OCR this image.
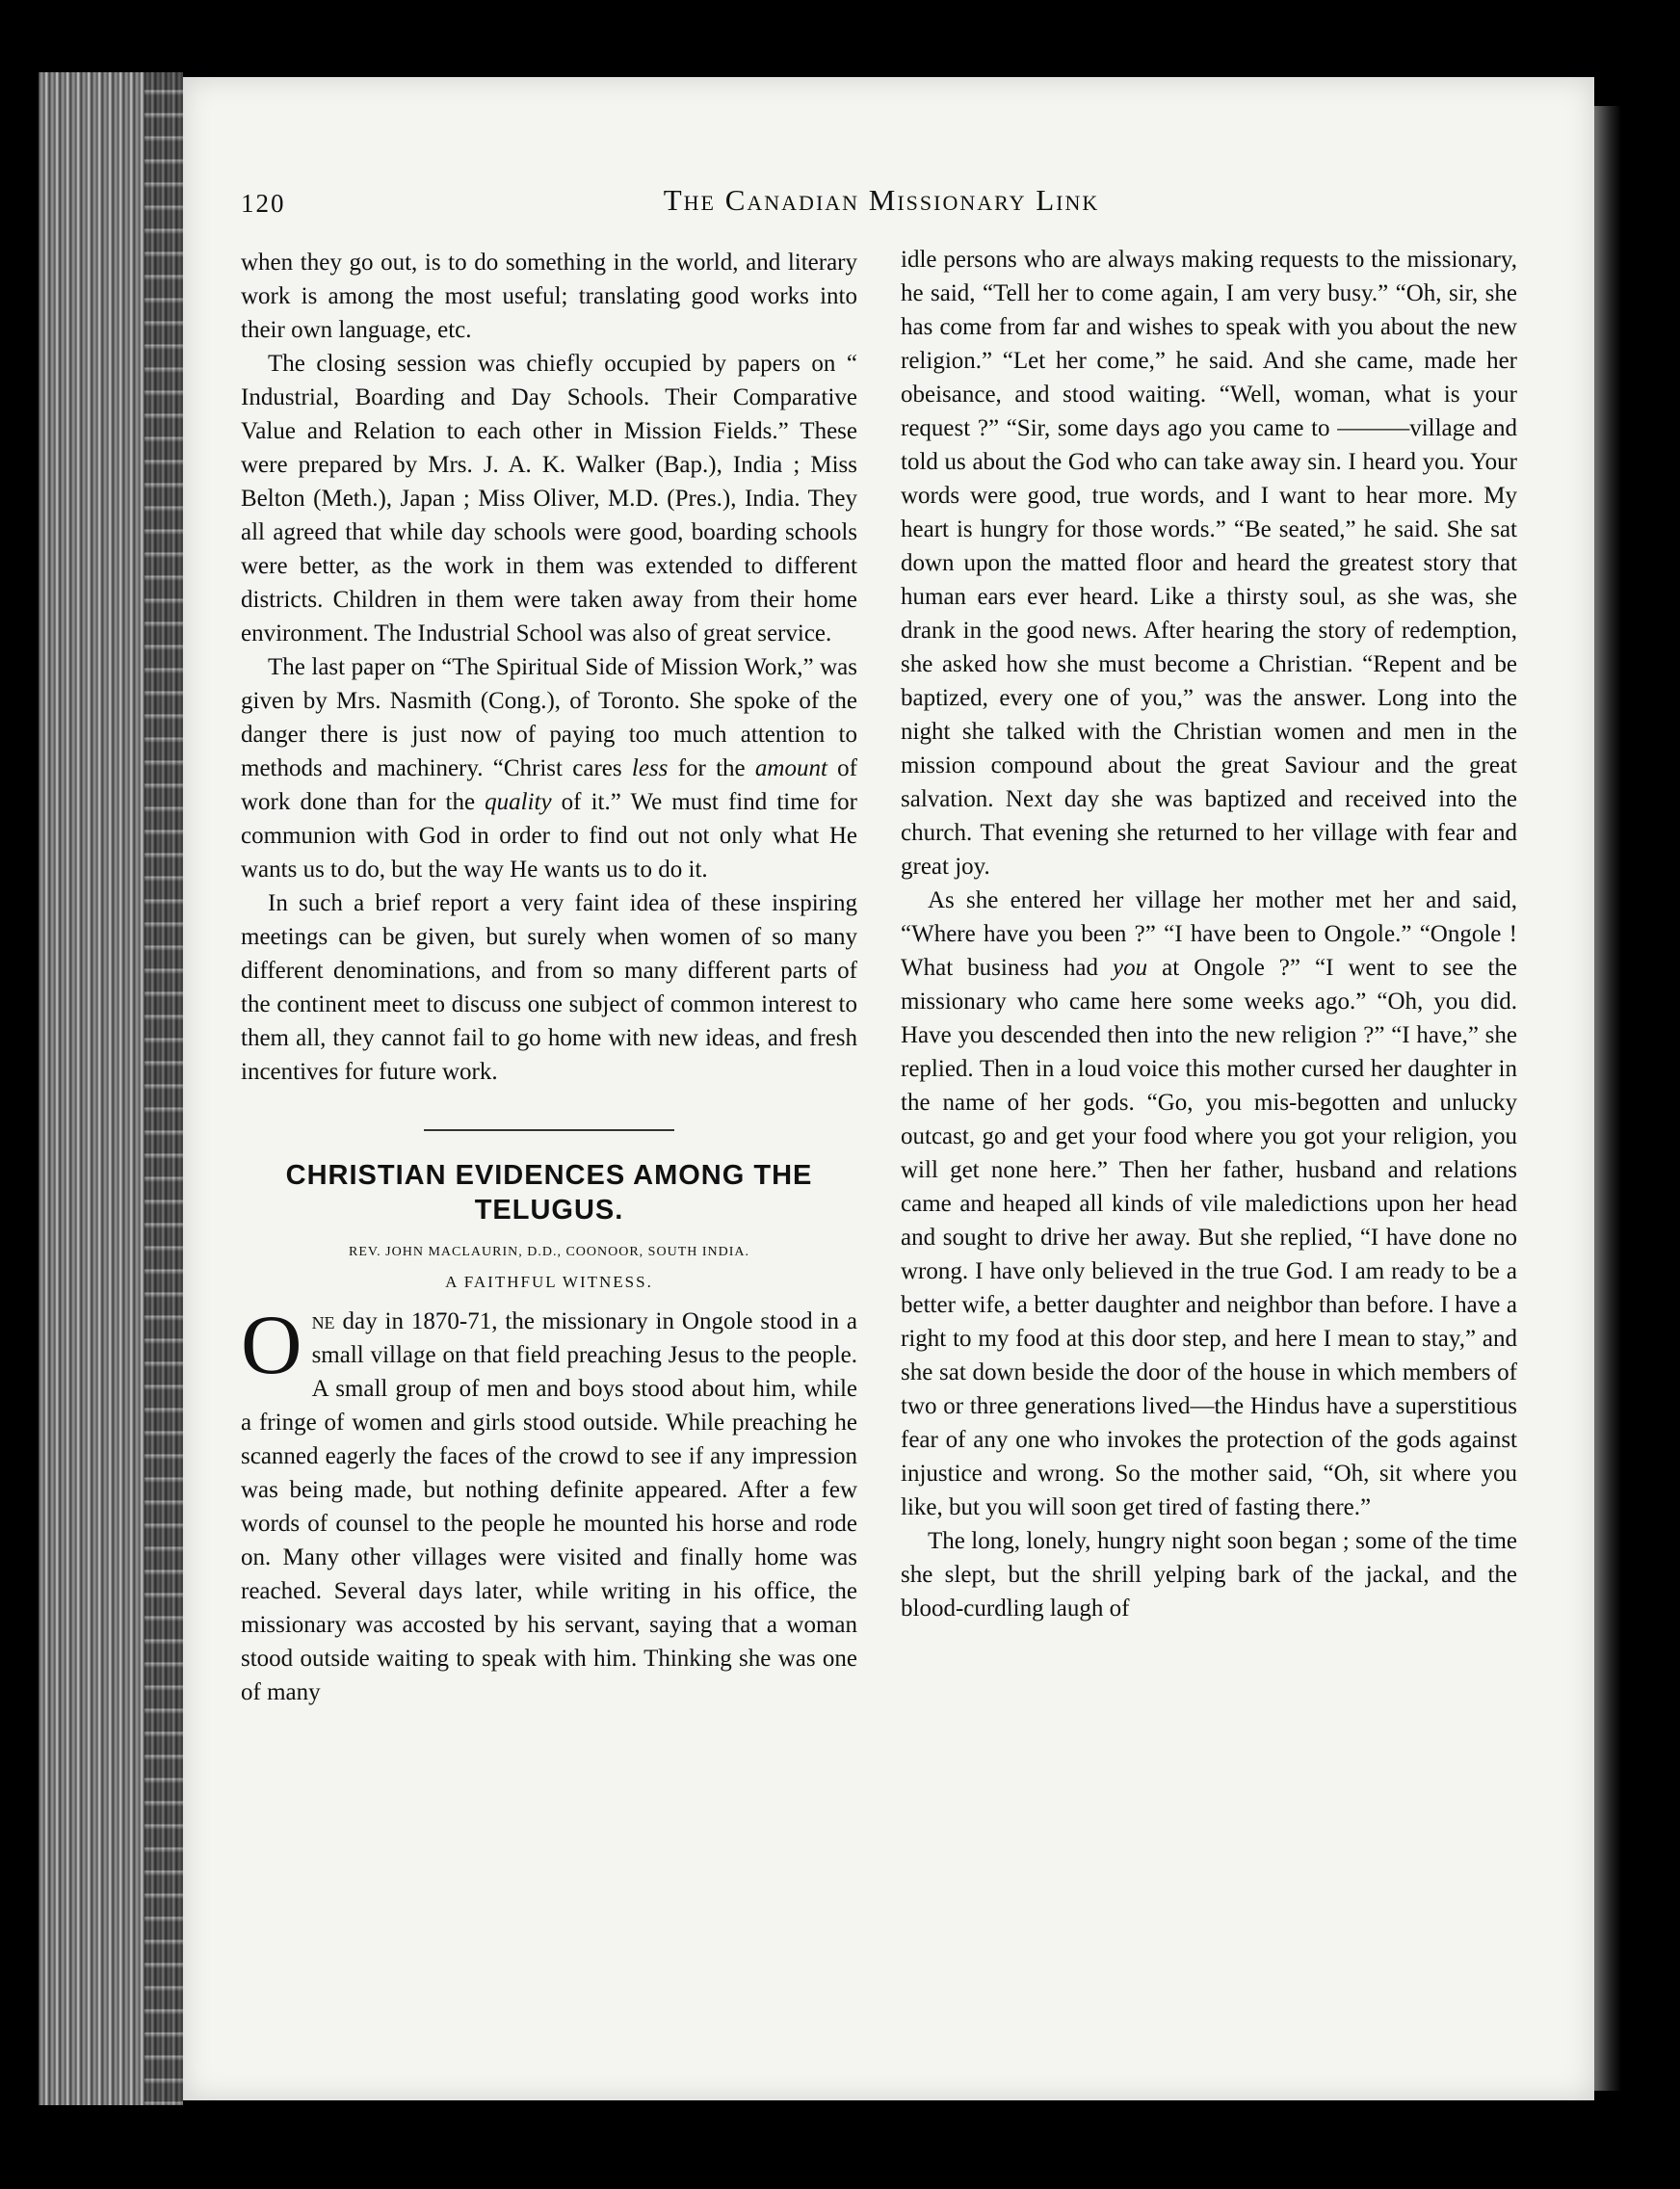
120	The Canadian Missionary Link

when they go out, is to do something in the world, and literary work is among the most useful; translating good works into their own language, etc.

The closing session was chiefly occupied by papers on “ Industrial, Boarding and Day Schools. Their Comparative Value and Relation to each other in Mission Fields.” These were prepared by Mrs. J. A. K. Walker (Bap.), India ; Miss Belton (Meth.), Japan ; Miss Oliver, M.D. (Pres.), India. They all agreed that while day schools were good, boarding schools were better, as the work in them was extended to different districts. Children in them were taken away from their home environment. The Industrial School was also of great service.

The last paper on “The Spiritual Side of Mission Work,” was given by Mrs. Nasmith (Cong.), of Toronto. She spoke of the danger there is just now of paying too much attention to methods and machinery. “Christ cares less for the amount of work done than for the quality of it.” We must find time for communion with God in order to find out not only what He wants us to do, but the way He wants us to do it.

In such a brief report a very faint idea of these inspiring meetings can be given, but surely when women of so many different denominations, and from so many different parts of the continent meet to discuss one subject of common interest to them all, they cannot fail to go home with new ideas, and fresh incentives for future work.

CHRISTIAN EVIDENCES AMONG THE TELUGUS.
REV. JOHN MACLAURIN, D.D., COONOOR, SOUTH INDIA.
A FAITHFUL WITNESS.

One day in 1870-71, the missionary in Ongole stood in a small village on that field preaching Jesus to the people. A small group of men and boys stood about him, while a fringe of women and girls stood outside. While preaching he scanned eagerly the faces of the crowd to see if any impression was being made, but nothing definite appeared. After a few words of counsel to the people he mounted his horse and rode on. Many other villages were visited and finally home was reached. Several days later, while writing in his office, the missionary was accosted by his servant, saying that a woman stood outside waiting to speak with him. Thinking she was one of many

idle persons who are always making requests to the missionary, he said, “Tell her to come again, I am very busy.” “Oh, sir, she has come from far and wishes to speak with you about the new religion.” “Let her come,” he said. And she came, made her obeisance, and stood waiting. “Well, woman, what is your request ?” “Sir, some days ago you came to ———village and told us about the God who can take away sin. I heard you. Your words were good, true words, and I want to hear more. My heart is hungry for those words.” “Be seated,” he said. She sat down upon the matted floor and heard the greatest story that human ears ever heard. Like a thirsty soul, as she was, she drank in the good news. After hearing the story of redemption, she asked how she must become a Christian. “Repent and be baptized, every one of you,” was the answer. Long into the night she talked with the Christian women and men in the mission compound about the great Saviour and the great salvation. Next day she was baptized and received into the church. That evening she returned to her village with fear and great joy.

As she entered her village her mother met her and said, “Where have you been ?” “I have been to Ongole.” “Ongole ! What business had you at Ongole ?” “I went to see the missionary who came here some weeks ago.” “Oh, you did. Have you descended then into the new religion ?” “I have,” she replied. Then in a loud voice this mother cursed her daughter in the name of her gods. “Go, you mis-begotten and unlucky outcast, go and get your food where you got your religion, you will get none here.” Then her father, husband and relations came and heaped all kinds of vile maledictions upon her head and sought to drive her away. But she replied, “I have done no wrong. I have only believed in the true God. I am ready to be a better wife, a better daughter and neighbor than before. I have a right to my food at this door step, and here I mean to stay,” and she sat down beside the door of the house in which members of two or three generations lived—the Hindus have a superstitious fear of any one who invokes the protection of the gods against injustice and wrong. So the mother said, “Oh, sit where you like, but you will soon get tired of fasting there.”

The long, lonely, hungry night soon began ; some of the time she slept, but the shrill yelping bark of the jackal, and the blood-curdling laugh of
